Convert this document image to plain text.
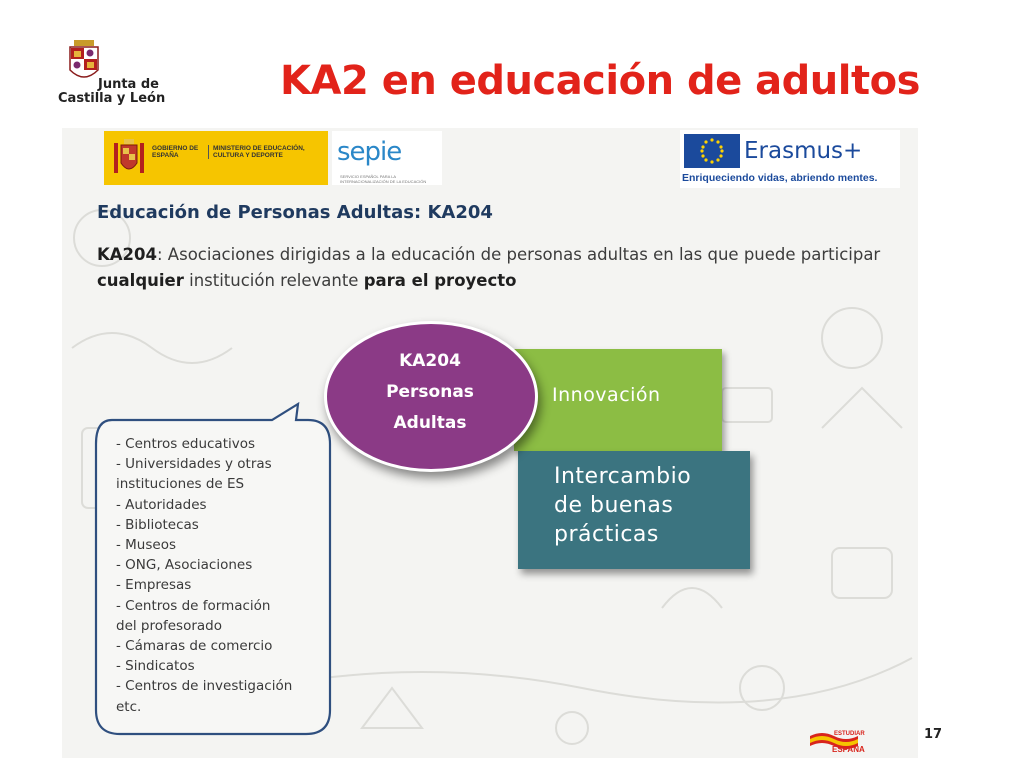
Junta de
Castilla y León	KA2 en educación de adultos
GOBIERNO DE ESPAÑA
MINISTERIO DE EDUCACIÓN, CULTURA Y DEPORTE	sepie
SERVICIO ESPAÑOL PARA LA INTERNACIONALIZACIÓN DE LA EDUCACIÓN
Erasmus+
Enriqueciendo vidas, abriendo mentes.
Educación de Personas Adultas: KA204

KA204: Asociaciones dirigidas a la educación de personas adultas en las que puede participar cualquier institución relevante para el proyecto

- Centros educativos
- Universidades y otras
instituciones de ES
- Autoridades
- Bibliotecas
- Museos
- ONG, Asociaciones
- Empresas
- Centros de formación
del profesorado
- Cámaras de comercio
- Sindicatos
- Centros de investigación
etc.
Innovación
Intercambio
de buenas
prácticas
KA204
Personas
Adultas
ESTUDIAR
ESPAÑA
17
